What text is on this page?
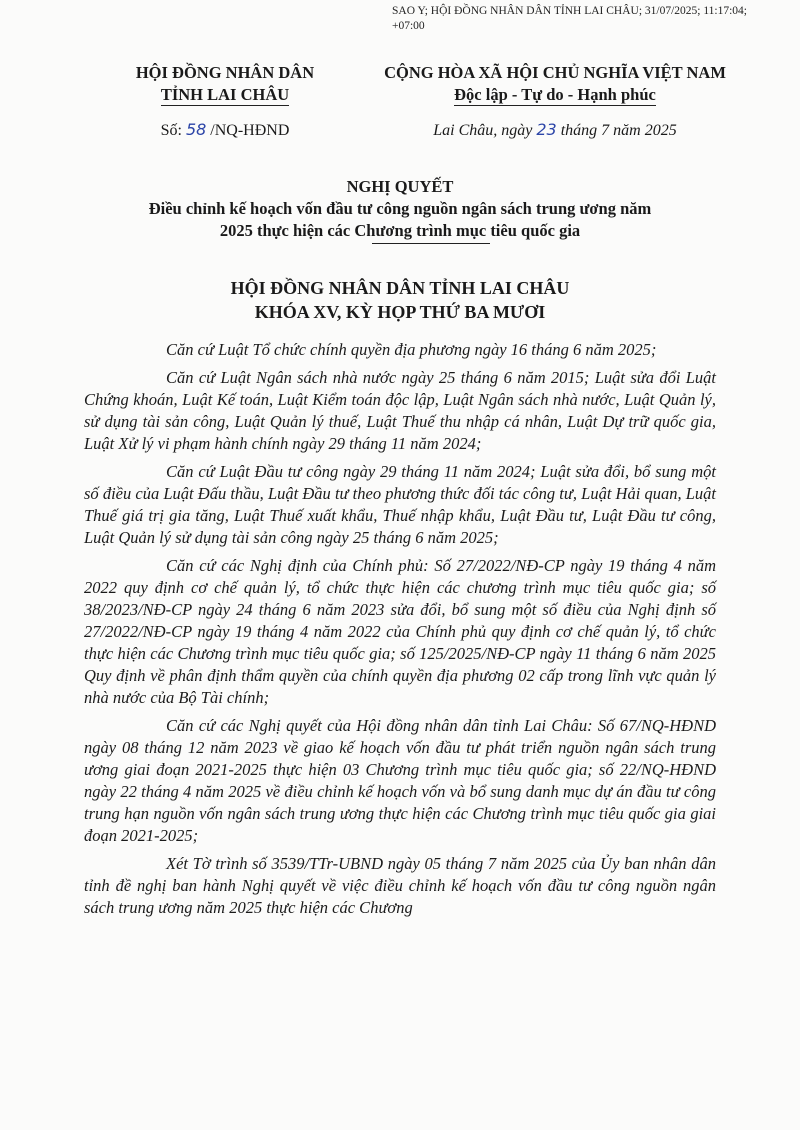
SAO Y; HỘI ĐỒNG NHÂN DÂN TỈNH LAI CHÂU; 31/07/2025; 11:17:04;
+07:00
HỘI ĐỒNG NHÂN DÂN
TỈNH LAI CHÂU
CỘNG HÒA XÃ HỘI CHỦ NGHĨA VIỆT NAM
Độc lập - Tự do - Hạnh phúc
Số: 58 /NQ-HĐND	Lai Châu, ngày 23 tháng 7 năm 2025
NGHỊ QUYẾT
Điều chỉnh kế hoạch vốn đầu tư công nguồn ngân sách trung ương năm
2025 thực hiện các Chương trình mục tiêu quốc gia
HỘI ĐỒNG NHÂN DÂN TỈNH LAI CHÂU
KHÓA XV, KỲ HỌP THỨ BA MƯƠI

Căn cứ Luật Tổ chức chính quyền địa phương ngày 16 tháng 6 năm 2025;

Căn cứ Luật Ngân sách nhà nước ngày 25 tháng 6 năm 2015; Luật sửa đổi Luật Chứng khoán, Luật Kế toán, Luật Kiểm toán độc lập, Luật Ngân sách nhà nước, Luật Quản lý, sử dụng tài sản công, Luật Quản lý thuế, Luật Thuế thu nhập cá nhân, Luật Dự trữ quốc gia, Luật Xử lý vi phạm hành chính ngày 29 tháng 11 năm 2024;

Căn cứ Luật Đầu tư công ngày 29 tháng 11 năm 2024; Luật sửa đổi, bổ sung một số điều của Luật Đấu thầu, Luật Đầu tư theo phương thức đối tác công tư, Luật Hải quan, Luật Thuế giá trị gia tăng, Luật Thuế xuất khẩu, Thuế nhập khẩu, Luật Đầu tư, Luật Đầu tư công, Luật Quản lý sử dụng tài sản công ngày 25 tháng 6 năm 2025;

Căn cứ các Nghị định của Chính phủ: Số 27/2022/NĐ-CP ngày 19 tháng 4 năm 2022 quy định cơ chế quản lý, tổ chức thực hiện các chương trình mục tiêu quốc gia; số 38/2023/NĐ-CP ngày 24 tháng 6 năm 2023 sửa đổi, bổ sung một số điều của Nghị định số 27/2022/NĐ-CP ngày 19 tháng 4 năm 2022 của Chính phủ quy định cơ chế quản lý, tổ chức thực hiện các Chương trình mục tiêu quốc gia; số 125/2025/NĐ-CP ngày 11 tháng 6 năm 2025 Quy định về phân định thẩm quyền của chính quyền địa phương 02 cấp trong lĩnh vực quản lý nhà nước của Bộ Tài chính;

Căn cứ các Nghị quyết của Hội đồng nhân dân tỉnh Lai Châu: Số 67/NQ-HĐND ngày 08 tháng 12 năm 2023 về giao kế hoạch vốn đầu tư phát triển nguồn ngân sách trung ương giai đoạn 2021-2025 thực hiện 03 Chương trình mục tiêu quốc gia; số 22/NQ-HĐND ngày 22 tháng 4 năm 2025 về điều chỉnh kế hoạch vốn và bổ sung danh mục dự án đầu tư công trung hạn nguồn vốn ngân sách trung ương thực hiện các Chương trình mục tiêu quốc gia giai đoạn 2021-2025;

Xét Tờ trình số 3539/TTr-UBND ngày 05 tháng 7 năm 2025 của Ủy ban nhân dân tỉnh đề nghị ban hành Nghị quyết về việc điều chỉnh kế hoạch vốn đầu tư công nguồn ngân sách trung ương năm 2025 thực hiện các Chương
